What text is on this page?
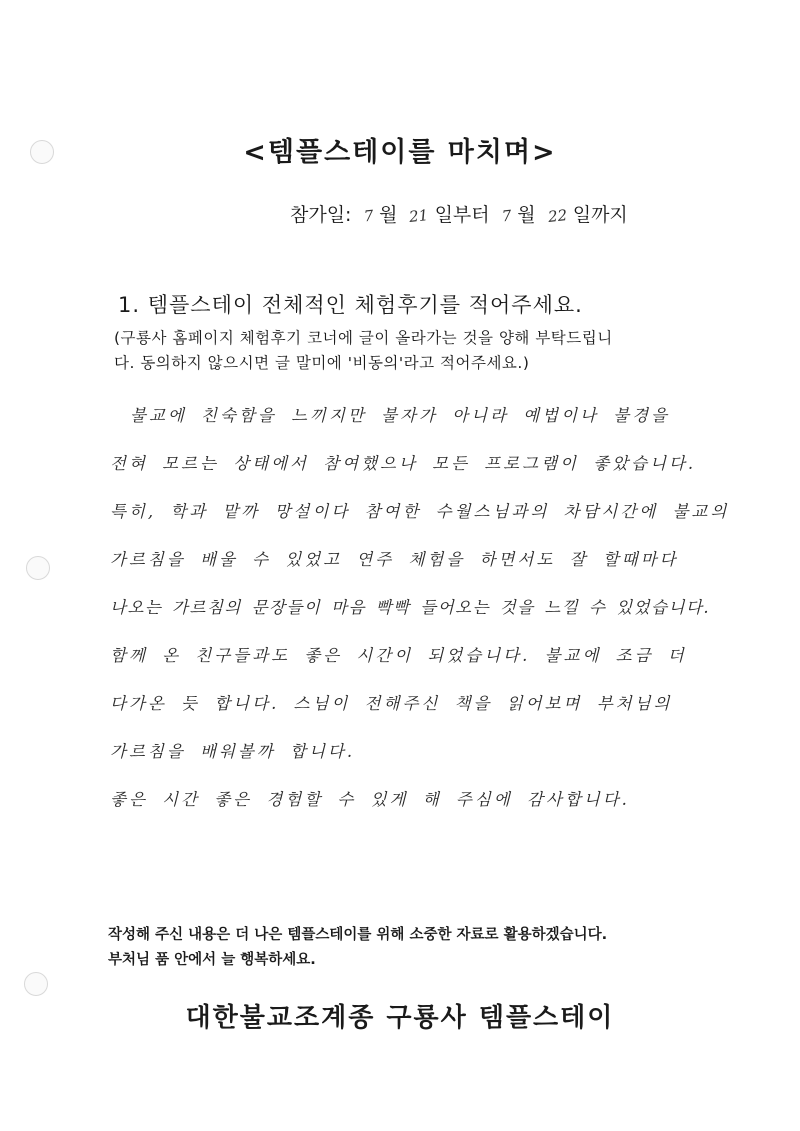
<템플스테이를 마치며>
참가일: 7 월 21 일부터 7 월 22 일까지
1. 템플스테이 전체적인 체험후기를 적어주세요.
(구룡사 홈페이지 체험후기 코너에 글이 올라가는 것을 양해 부탁드립니
다. 동의하지 않으시면 글 말미에 '비동의'라고 적어주세요.)
불교에 친숙함을 느끼지만 불자가 아니라 예법이나 불경을
전혀 모르는 상태에서 참여했으나 모든 프로그램이 좋았습니다.
특히, 학과 맡까 망설이다 참여한 수월스님과의 차담시간에 불교의
가르침을 배울 수 있었고 연주 체험을 하면서도 잘 할때마다
나오는 가르침의 문장들이 마음 빡빡 들어오는 것을 느낄 수 있었습니다.
함께 온 친구들과도 좋은 시간이 되었습니다. 불교에 조금 더
다가온 듯 합니다. 스님이 전해주신 책을 읽어보며 부처님의
가르침을 배워볼까 합니다.
좋은 시간 좋은 경험할 수 있게 해 주심에 감사합니다.
작성해 주신 내용은 더 나은 템플스테이를 위해 소중한 자료로 활용하겠습니다.
부처님 품 안에서 늘 행복하세요.
대한불교조계종 구룡사 템플스테이
